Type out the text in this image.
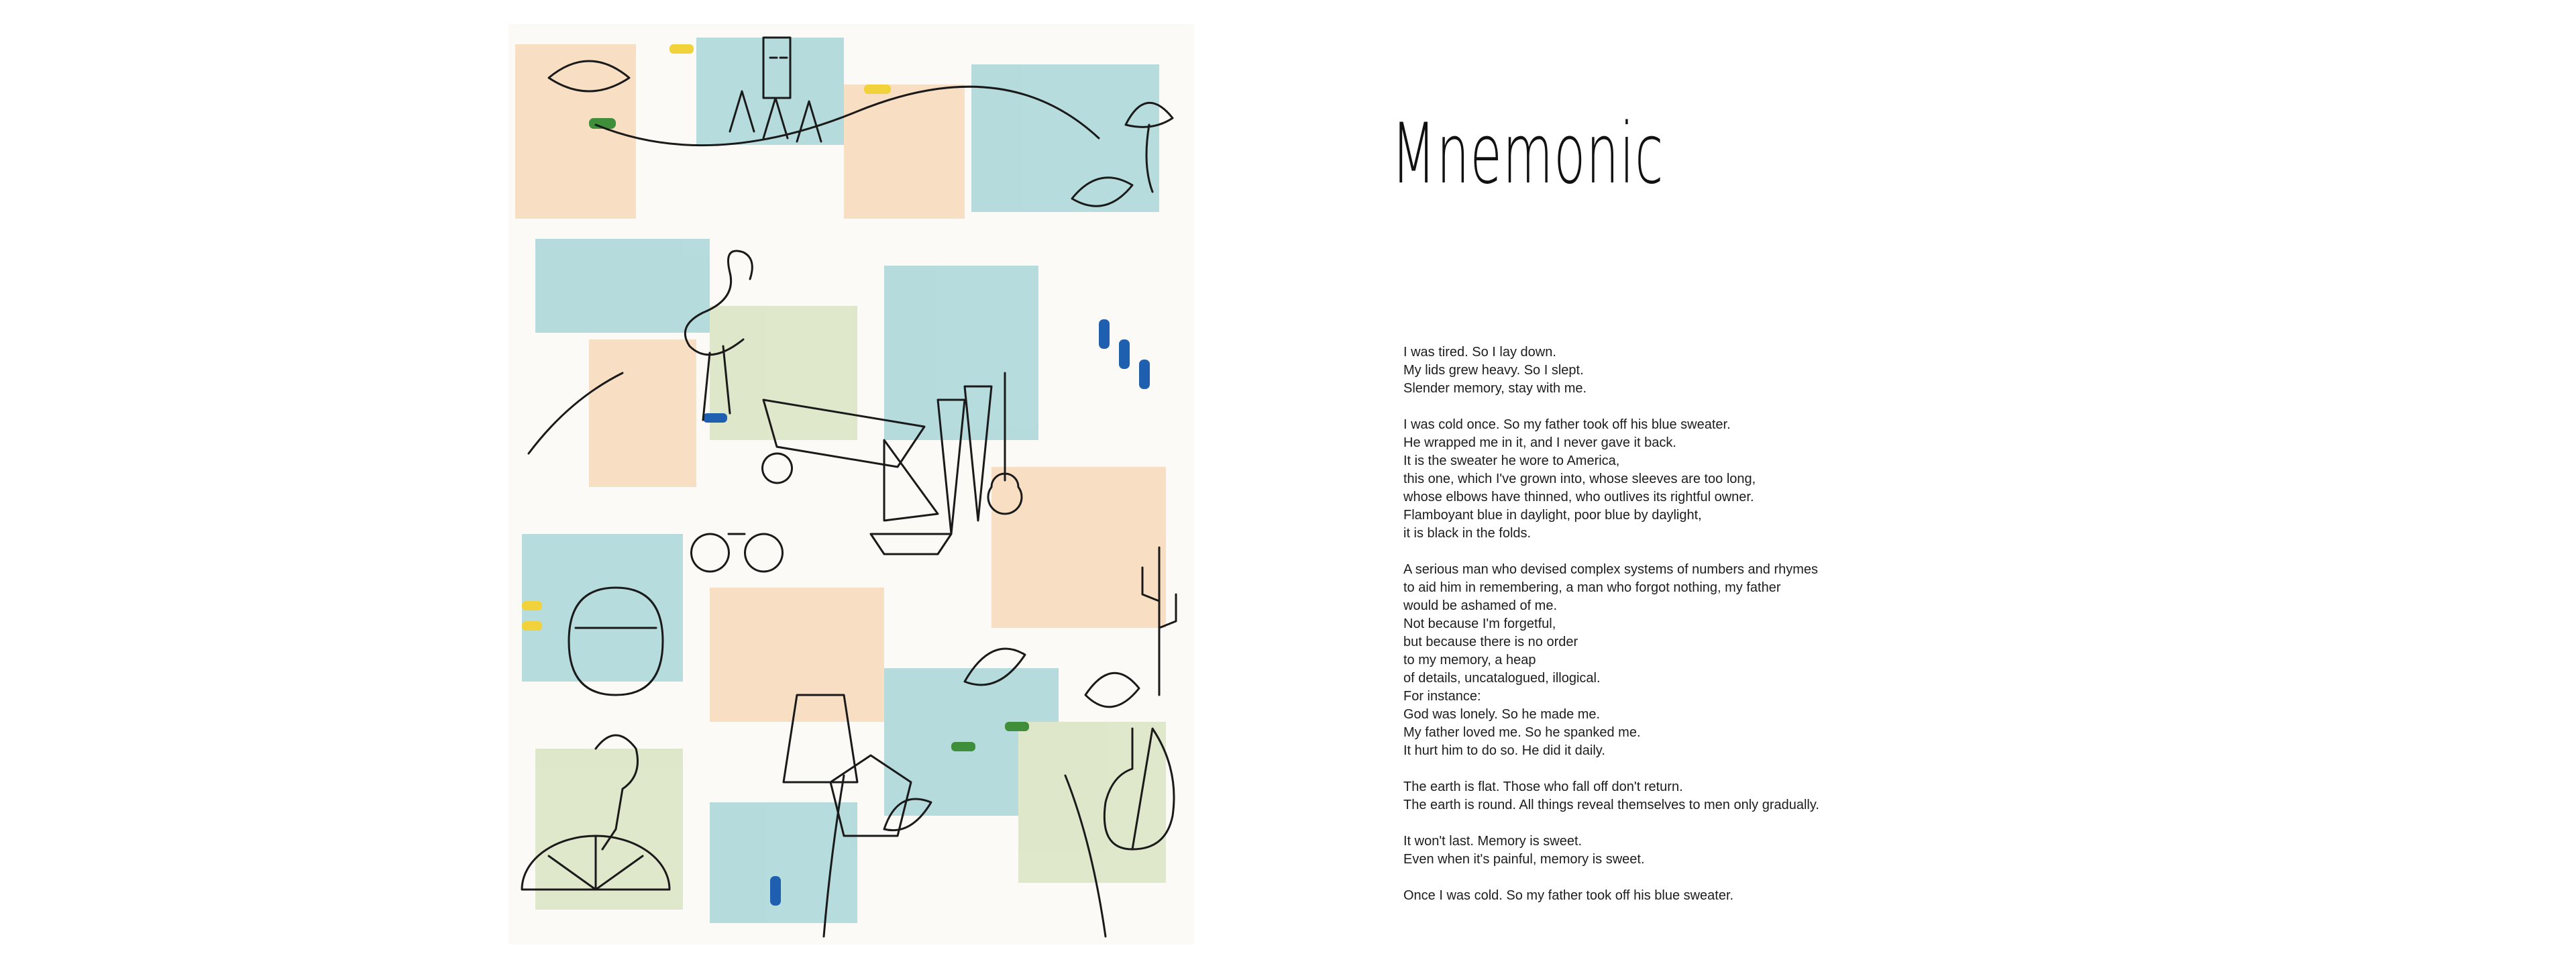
Mnemonic

I was tired. So I lay down.
My lids grew heavy. So I slept.
Slender memory, stay with me.

I was cold once. So my father took off his blue sweater.
He wrapped me in it, and I never gave it back.
It is the sweater he wore to America,
this one, which I've grown into, whose sleeves are too long,
whose elbows have thinned, who outlives its rightful owner.
Flamboyant blue in daylight, poor blue by daylight,
it is black in the folds.

A serious man who devised complex systems of numbers and rhymes
to aid him in remembering, a man who forgot nothing, my father
would be ashamed of me.
Not because I'm forgetful,
but because there is no order
to my memory, a heap
of details, uncatalogued, illogical.
For instance:
God was lonely. So he made me.
My father loved me. So he spanked me.
It hurt him to do so. He did it daily.

The earth is flat. Those who fall off don't return.
The earth is round. All things reveal themselves to men only gradually.

It won't last. Memory is sweet.
Even when it's painful, memory is sweet.

Once I was cold. So my father took off his blue sweater.
